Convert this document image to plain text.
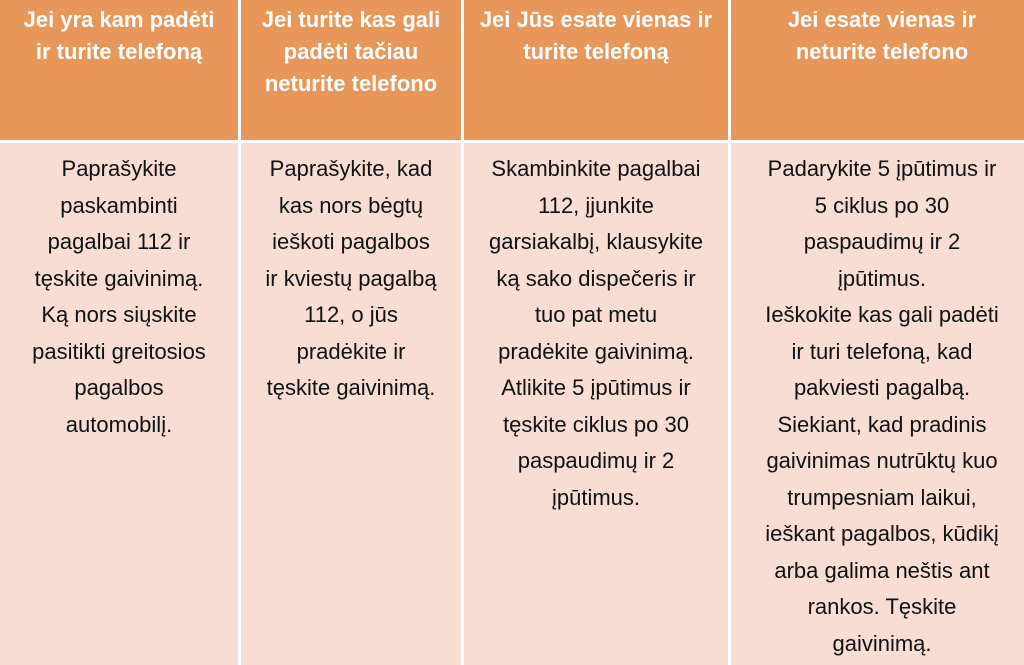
Jei yra kam padėti
ir turite telefoną
Jei turite kas gali
padėti tačiau
neturite telefono
Jei Jūs esate vienas ir
turite telefoną
Jei esate vienas ir
neturite telefono
Paprašykite
paskambinti
pagalbai 112 ir
tęskite gaivinimą.
Ką nors siųskite
pasitikti greitosios
pagalbos
automobilį.
Paprašykite, kad
kas nors bėgtų
ieškoti pagalbos
ir kviestų pagalbą
112, o jūs
pradėkite ir
tęskite gaivinimą.
Skambinkite pagalbai
112, įjunkite
garsiakalbį, klausykite
ką sako dispečeris ir
tuo pat metu
pradėkite gaivinimą.
Atlikite 5 įpūtimus ir
tęskite ciklus po 30
paspaudimų ir 2
įpūtimus.
Padarykite 5 įpūtimus ir
5 ciklus po 30
paspaudimų ir 2
įpūtimus.
Ieškokite kas gali padėti
ir turi telefoną, kad
pakviesti pagalbą.
Siekiant, kad pradinis
gaivinimas nutrūktų kuo
trumpesniam laikui,
ieškant pagalbos, kūdikį
arba galima neštis ant
rankos. Tęskite
gaivinimą.
